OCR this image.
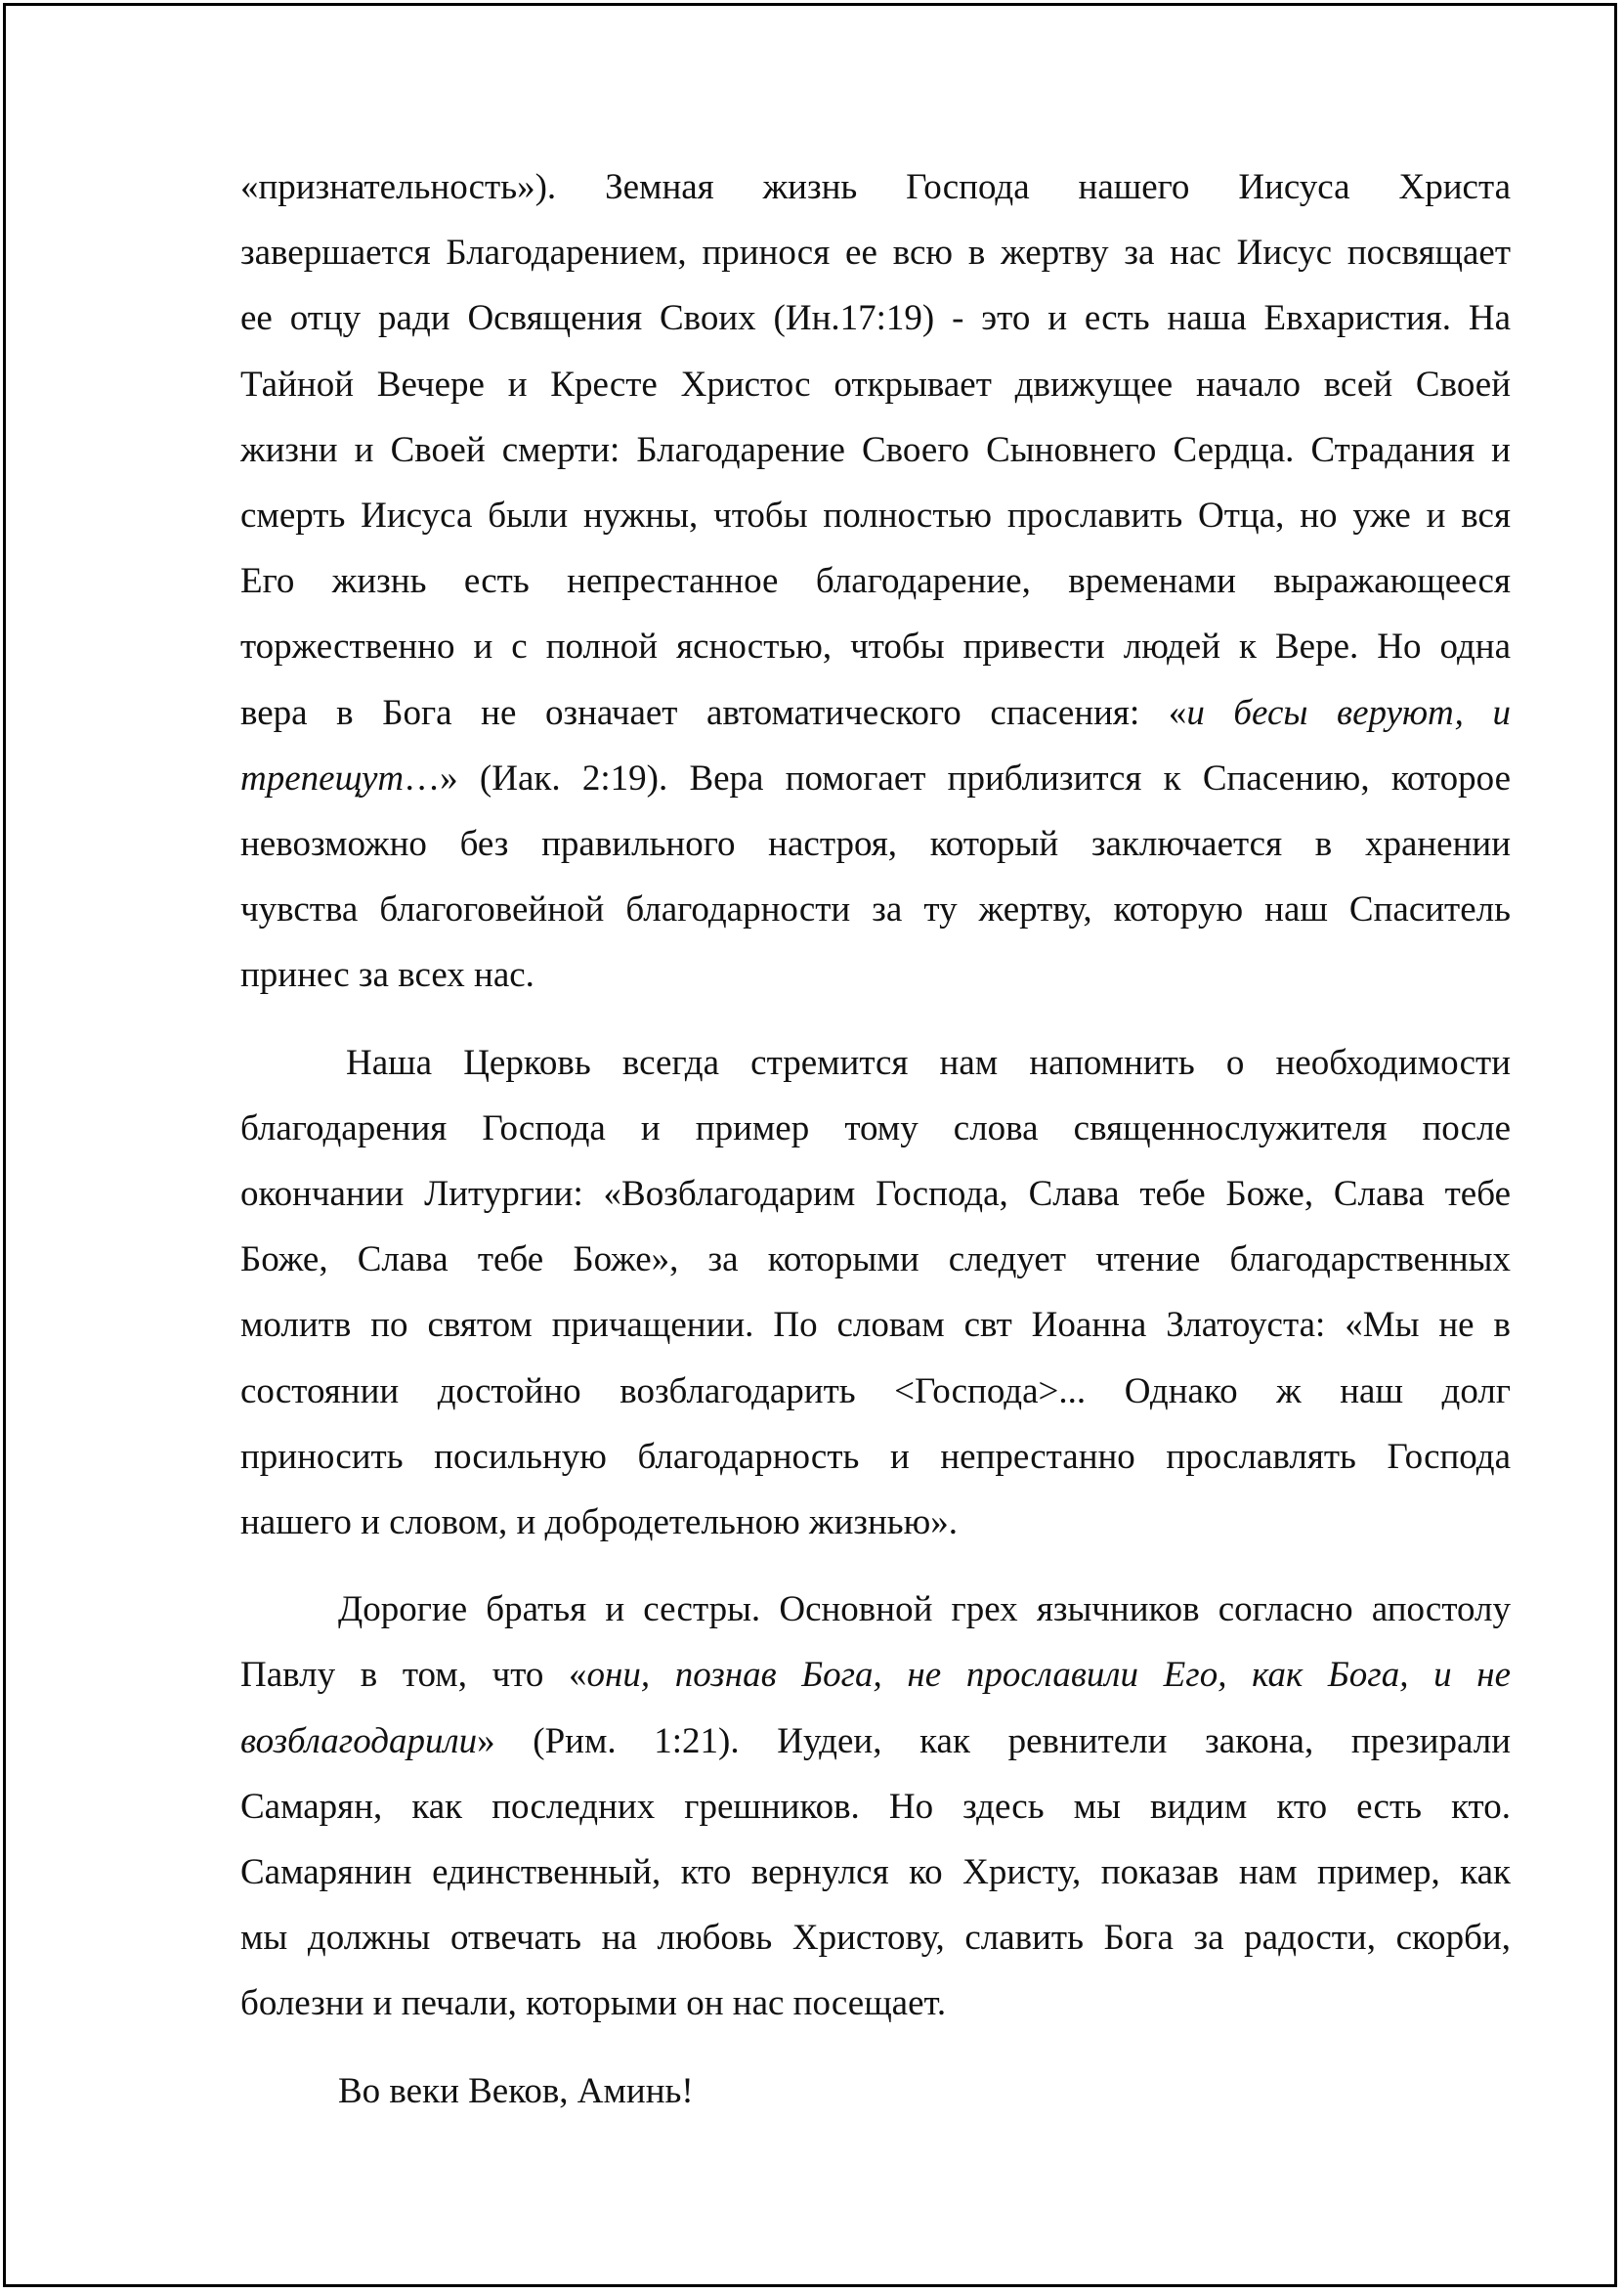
«признательность»). Земная жизнь Господа нашего Иисуса Христа
завершается Благодарением, принося ее всю в жертву за нас Иисус посвящает
ее отцу ради Освящения Своих (Ин.17:19) - это и есть наша Евхаристия. На
Тайной Вечере и Кресте Христос открывает движущее начало всей Своей
жизни и Своей смерти: Благодарение Своего Сыновнего Сердца. Страдания и
смерть Иисуса были нужны, чтобы полностью прославить Отца, но уже и вся
Его жизнь есть непрестанное благодарение, временами выражающееся
торжественно и с полной ясностью, чтобы привести людей к Вере. Но одна
вера в Бога не означает автоматического спасения: «и бесы веруют, и
трепещут…» (Иак. 2:19). Вера помогает приблизится к Спасению, которое
невозможно без правильного настроя, который заключается в хранении
чувства благоговейной благодарности за ту жертву, которую наш Спаситель
принес за всех нас.
Наша Церковь всегда стремится нам напомнить о необходимости
благодарения Господа и пример тому слова священнослужителя после
окончании Литургии: «Возблагодарим Господа, Слава тебе Боже, Слава тебе
Боже, Слава тебе Боже», за которыми следует чтение благодарственных
молитв по святом причащении. По словам свт Иоанна Златоуста: «Мы не в
состоянии достойно возблагодарить <Господа>... Однако ж наш долг
приносить посильную благодарность и непрестанно прославлять Господа
нашего и словом, и добродетельною жизнью».
Дорогие братья и сестры. Основной грех язычников согласно апостолу
Павлу в том, что «они, познав Бога, не прославили Его, как Бога, и не
возблагодарили» (Рим. 1:21). Иудеи, как ревнители закона, презирали
Самарян, как последних грешников. Но здесь мы видим кто есть кто.
Самарянин единственный, кто вернулся ко Христу, показав нам пример, как
мы должны отвечать на любовь Христову, славить Бога за радости, скорби,
болезни и печали, которыми он нас посещает.
Во веки Веков, Аминь!
